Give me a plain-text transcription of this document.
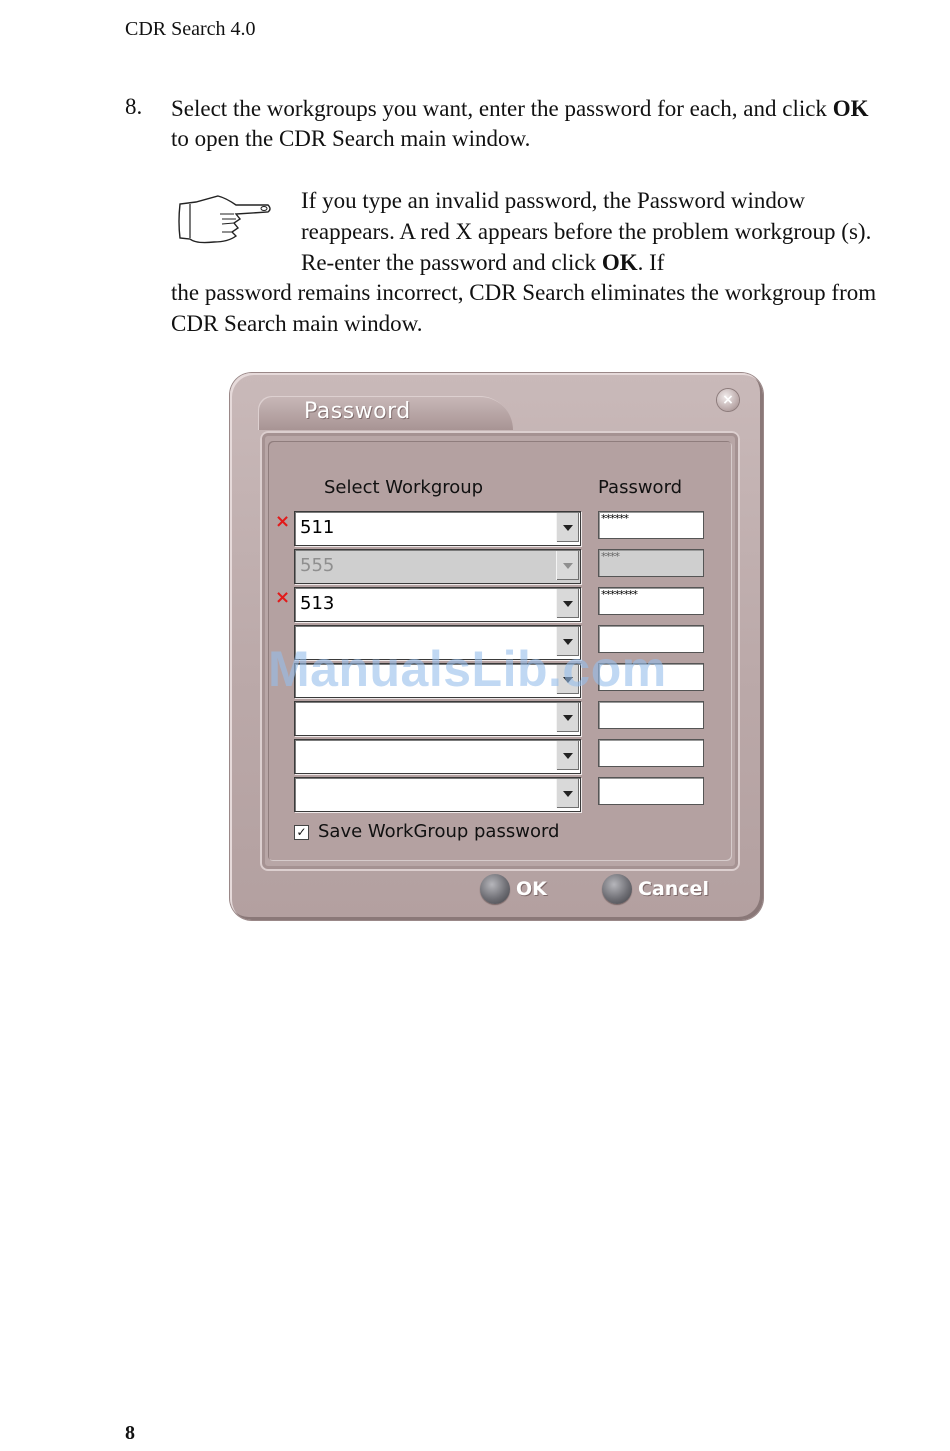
CDR Search 4.0
8. Select the workgroups you want, enter the password for each, and click OK to open the CDR Search main window.
If you type an invalid password, the Password window reappears. A red X appears before the problem workgroup (s). Re-enter the password and click OK. If
the password remains incorrect, CDR Search eliminates the workgroup from CDR Search main window.
Password	×
Select Workgroup	Password
× 511	******
555	****
× 513	********
✓ Save WorkGroup password
OK	Cancel
ManualsLib.com
8
